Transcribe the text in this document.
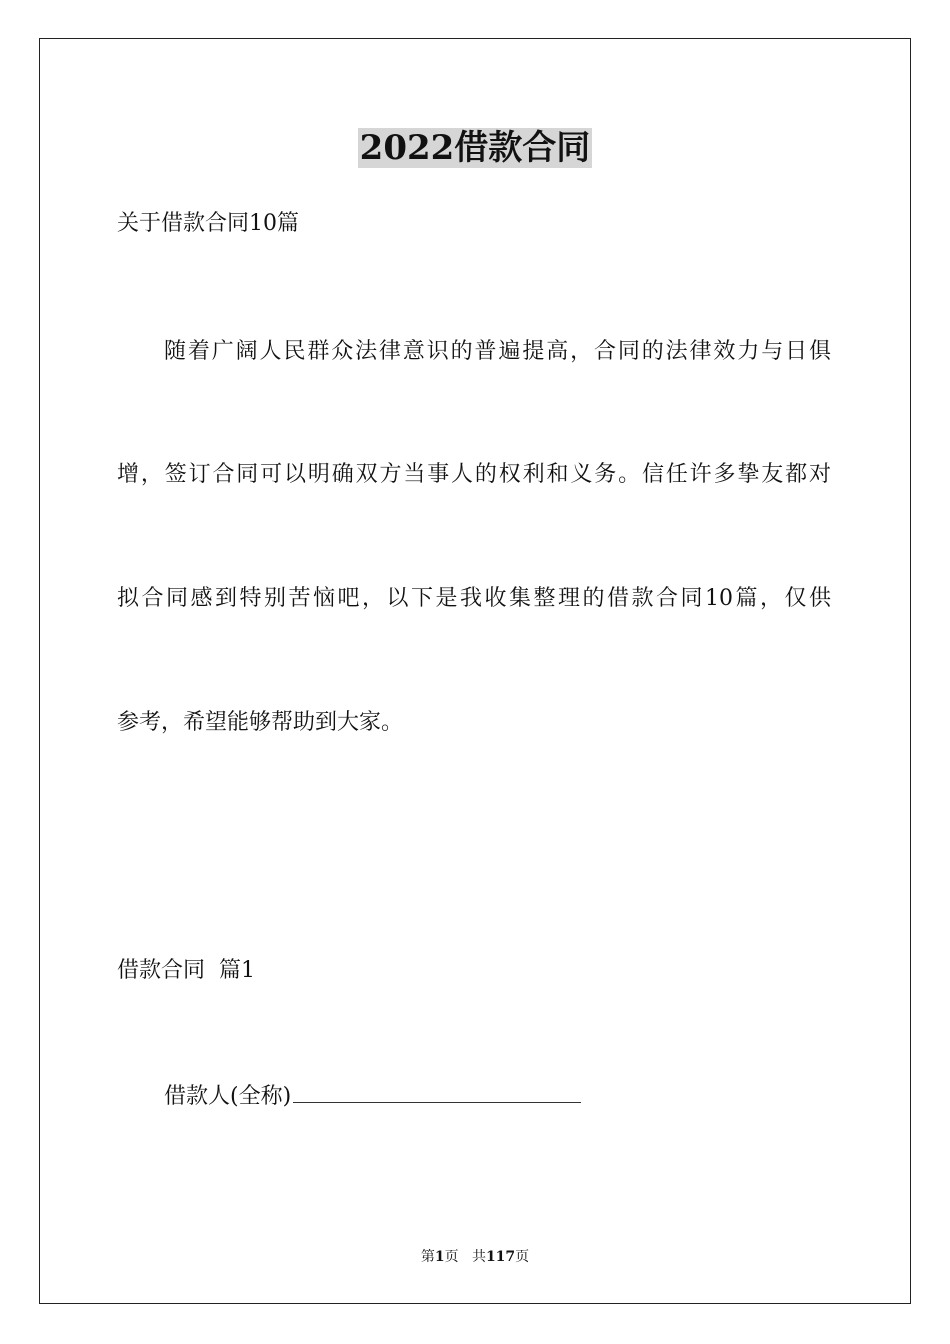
2022借款合同

关于借款合同10篇

随着广阔人民群众法律意识的普遍提高，合同的法律效力与日俱

增，签订合同可以明确双方当事人的权利和义务。信任许多挚友都对

拟合同感到特别苦恼吧，以下是我收集整理的借款合同10篇，仅供

参考，希望能够帮助到大家。

借款合同  篇1

借款人(全称)

第1页 共117页
